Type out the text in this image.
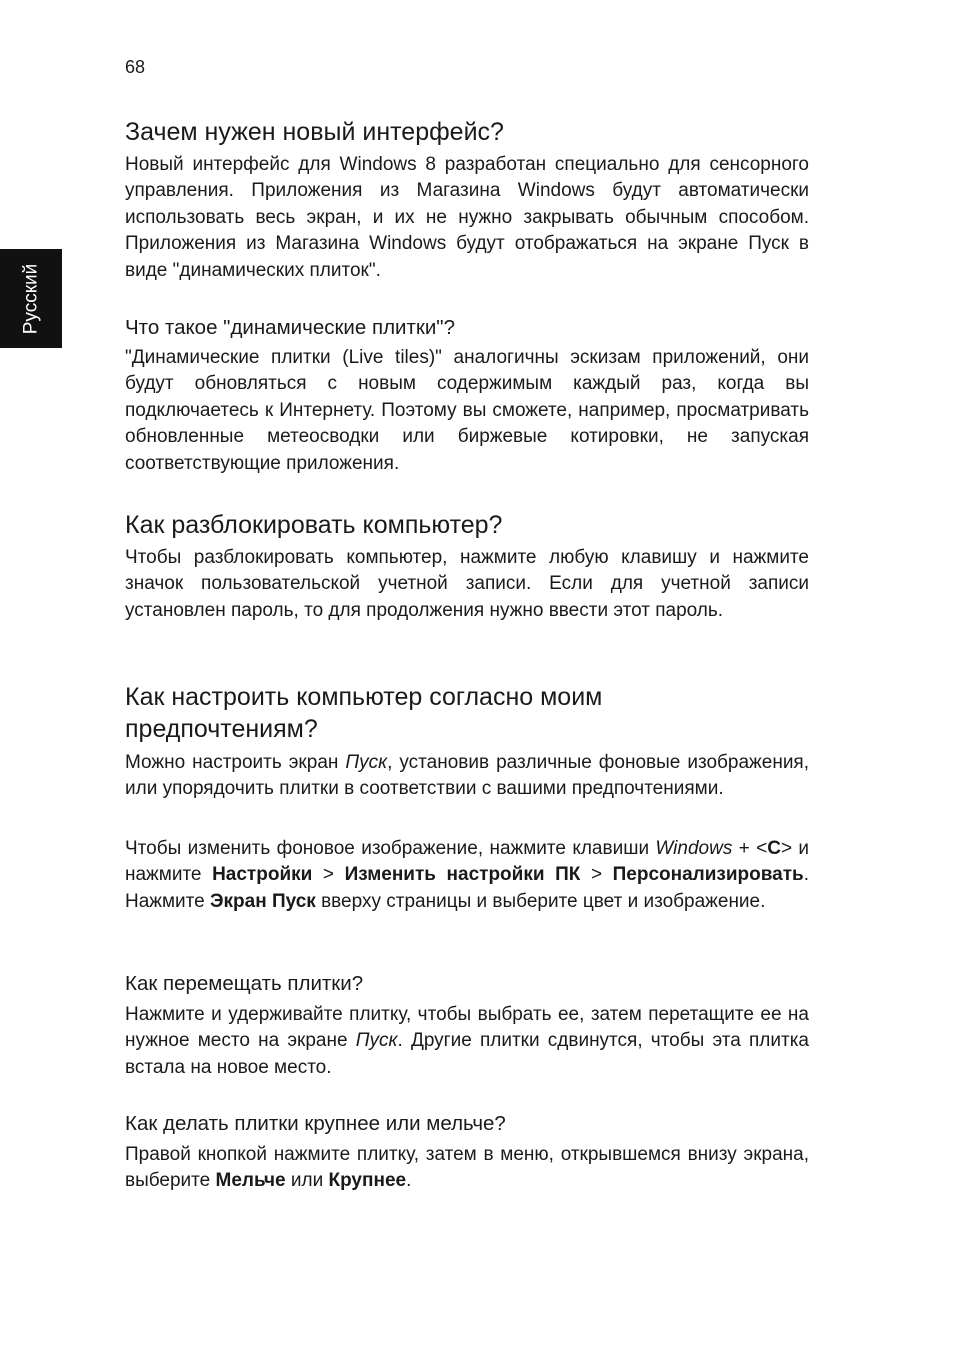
68
Русский
Зачем нужен новый интерфейс?

Новый интерфейс для Windows 8 разработан специально для сенсорного управления. Приложения из Магазина Windows будут автоматически использовать весь экран, и их не нужно закрывать обычным способом. Приложения из Магазина Windows будут отображаться на экране Пуск в виде "динамических плиток".

Что такое "динамические плитки"?

"Динамические плитки (Live tiles)" аналогичны эскизам приложений, они будут обновляться с новым содержимым каждый раз, когда вы подключаетесь к Интернету. Поэтому вы сможете, например, просматривать обновленные метеосводки или биржевые котировки, не запуская соответствующие приложения.

Как разблокировать компьютер?

Чтобы разблокировать компьютер, нажмите любую клавишу и нажмите значок пользовательской учетной записи. Если для учетной записи установлен пароль, то для продолжения нужно ввести этот пароль.

Как настроить компьютер согласно моим
предпочтениям?

Можно настроить экран Пуск, установив различные фоновые изображения, или упорядочить плитки в соответствии с вашими предпочтениями.

Чтобы изменить фоновое изображение, нажмите клавиши Windows + <C> и нажмите Настройки > Изменить настройки ПК > Персонализировать. Нажмите Экран Пуск вверху страницы и выберите цвет и изображение.

Как перемещать плитки?

Нажмите и удерживайте плитку, чтобы выбрать ее, затем перетащите ее на нужное место на экране Пуск. Другие плитки сдвинутся, чтобы эта плитка встала на новое место.

Как делать плитки крупнее или мельче?

Правой кнопкой нажмите плитку, затем в меню, открывшемся внизу экрана, выберите Мельче или Крупнее.
